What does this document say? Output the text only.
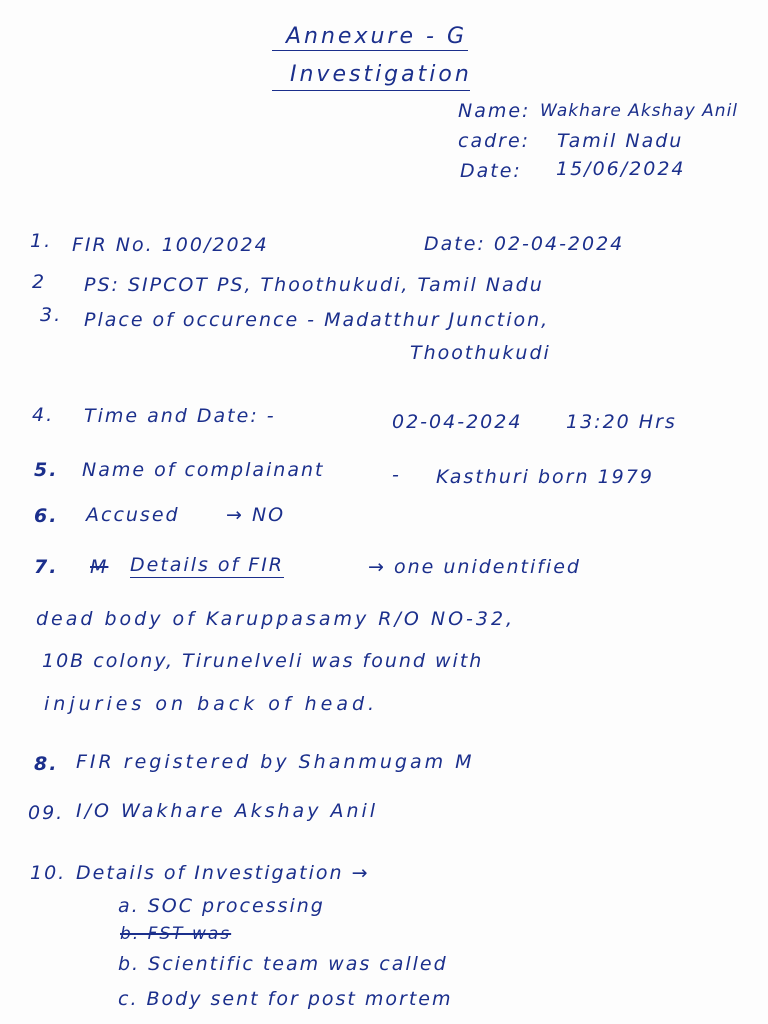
Annexure - G
Investigation
Name: Wakhare Akshay Anil
cadre: Tamil Nadu
Date: 15/06/2024
1. FIR No. 100/2024	Date: 02-04-2024
2 PS: SIPCOT PS, Thoothukudi, Tamil Nadu
3. Place of occurence - Madatthur Junction,
Thoothukudi
4. Time and Date: -	02-04-2024 13:20 Hrs
5. Name of complainant	- Kasthuri born 1979
6. Accused → NO
7. M Details of FIR	→ one unidentified
dead body of Karuppasamy R/O NO-32,
10B colony, Tirunelveli was found with
injuries on back of head.
8. FIR registered by Shanmugam M
09. I/O Wakhare Akshay Anil
10. Details of Investigation →
a. SOC processing
b. FST was
b. Scientific team was called
c. Body sent for post mortem
